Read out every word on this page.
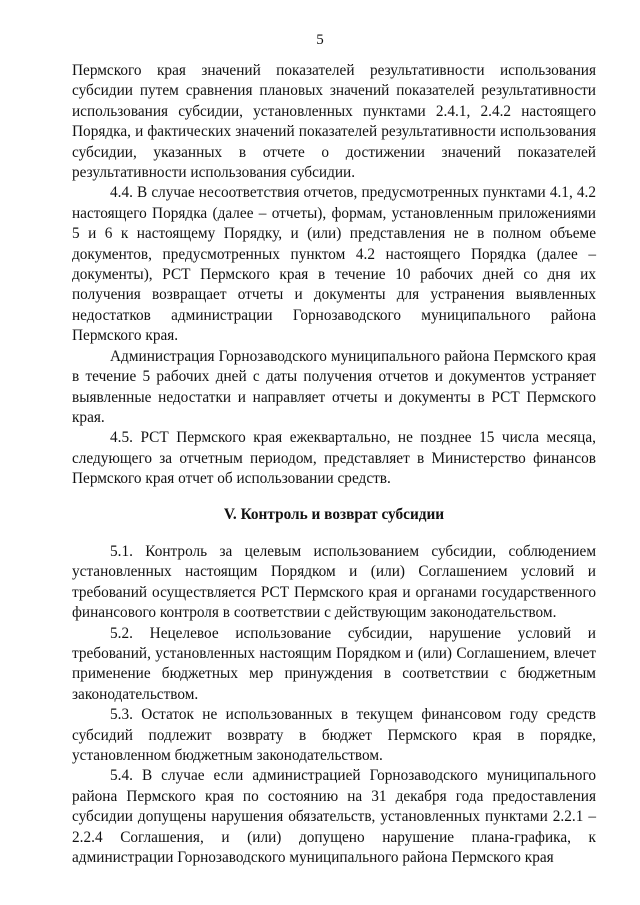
5

Пермского края значений показателей результативности использования субсидии путем сравнения плановых значений показателей результативности использования субсидии, установленных пунктами 2.4.1, 2.4.2 настоящего Порядка, и фактических значений показателей результативности использования субсидии, указанных в отчете о достижении значений показателей результативности использования субсидии.

4.4. В случае несоответствия отчетов, предусмотренных пунктами 4.1, 4.2 настоящего Порядка (далее – отчеты), формам, установленным приложениями 5 и 6 к настоящему Порядку, и (или) представления не в полном объеме документов, предусмотренных пунктом 4.2 настоящего Порядка (далее – документы), РСТ Пермского края в течение 10 рабочих дней со дня их получения возвращает отчеты и документы для устранения выявленных недостатков администрации Горнозаводского муниципального района Пермского края.

Администрация Горнозаводского муниципального района Пермского края в течение 5 рабочих дней с даты получения отчетов и документов устраняет выявленные недостатки и направляет отчеты и документы в РСТ Пермского края.

4.5. РСТ Пермского края ежеквартально, не позднее 15 числа месяца, следующего за отчетным периодом, представляет в Министерство финансов Пермского края отчет об использовании средств.

V. Контроль и возврат субсидии

5.1. Контроль за целевым использованием субсидии, соблюдением установленных настоящим Порядком и (или) Соглашением условий и требований осуществляется РСТ Пермского края и органами государственного финансового контроля в соответствии с действующим законодательством.

5.2. Нецелевое использование субсидии, нарушение условий и требований, установленных настоящим Порядком и (или) Соглашением, влечет применение бюджетных мер принуждения в соответствии с бюджетным законодательством.

5.3. Остаток не использованных в текущем финансовом году средств субсидий подлежит возврату в бюджет Пермского края в порядке, установленном бюджетным законодательством.

5.4. В случае если администрацией Горнозаводского муниципального района Пермского края по состоянию на 31 декабря года предоставления субсидии допущены нарушения обязательств, установленных пунктами 2.2.1 – 2.2.4 Соглашения, и (или) допущено нарушение плана-графика, к администрации Горнозаводского муниципального района Пермского края
